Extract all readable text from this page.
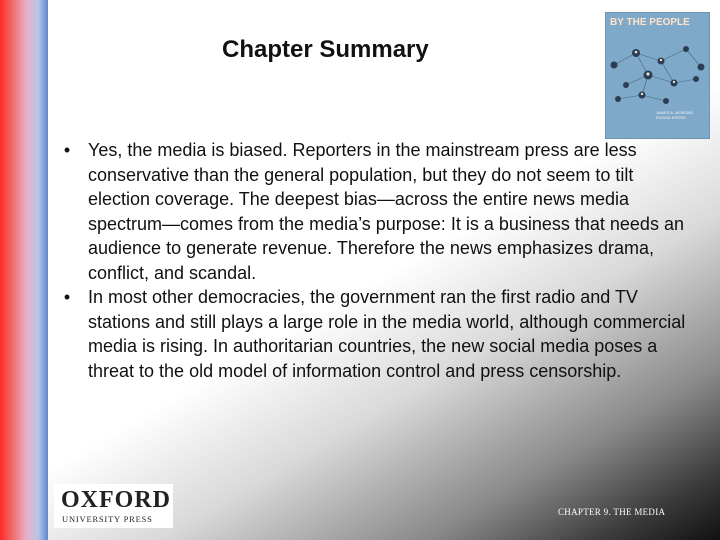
Chapter Summary
BY THE PEOPLE
JAMES A. MORONE
ROGAN KERSH
• Yes, the media is biased. Reporters in the mainstream press are less conservative than the general population, but they do not seem to tilt election coverage. The deepest bias—across the entire news media spectrum—comes from the media’s purpose: It is a business that needs an audience to generate revenue. Therefore the news emphasizes drama, conflict, and scandal.
• In most other democracies, the government ran the first radio and TV stations and still plays a large role in the media world, although commercial media is rising. In authoritarian countries, the new social media poses a threat to the old model of information control and press censorship.
OXFORD
UNIVERSITY PRESS
CHAPTER 9. THE MEDIA
